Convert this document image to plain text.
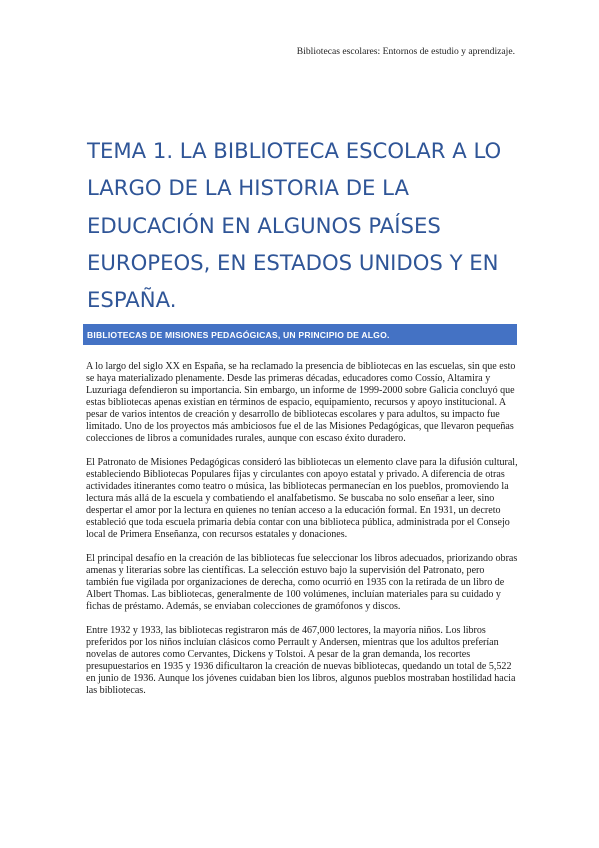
Bibliotecas escolares: Entornos de estudio y aprendizaje.
TEMA 1. LA BIBLIOTECA ESCOLAR A LO LARGO DE LA HISTORIA DE LA EDUCACIÓN EN ALGUNOS PAÍSES EUROPEOS, EN ESTADOS UNIDOS Y EN ESPAÑA.
BIBLIOTECAS DE MISIONES PEDAGÓGICAS, UN PRINCIPIO DE ALGO.

A lo largo del siglo XX en España, se ha reclamado la presencia de bibliotecas en las escuelas, sin que esto se haya materializado plenamente. Desde las primeras décadas, educadores como Cossío, Altamira y Luzuriaga defendieron su importancia. Sin embargo, un informe de 1999-2000 sobre Galicia concluyó que estas bibliotecas apenas existían en términos de espacio, equipamiento, recursos y apoyo institucional. A pesar de varios intentos de creación y desarrollo de bibliotecas escolares y para adultos, su impacto fue limitado. Uno de los proyectos más ambiciosos fue el de las Misiones Pedagógicas, que llevaron pequeñas colecciones de libros a comunidades rurales, aunque con escaso éxito duradero.

El Patronato de Misiones Pedagógicas consideró las bibliotecas un elemento clave para la difusión cultural, estableciendo Bibliotecas Populares fijas y circulantes con apoyo estatal y privado. A diferencia de otras actividades itinerantes como teatro o música, las bibliotecas permanecían en los pueblos, promoviendo la lectura más allá de la escuela y combatiendo el analfabetismo. Se buscaba no solo enseñar a leer, sino despertar el amor por la lectura en quienes no tenían acceso a la educación formal. En 1931, un decreto estableció que toda escuela primaria debía contar con una biblioteca pública, administrada por el Consejo local de Primera Enseñanza, con recursos estatales y donaciones.

El principal desafío en la creación de las bibliotecas fue seleccionar los libros adecuados, priorizando obras amenas y literarias sobre las científicas. La selección estuvo bajo la supervisión del Patronato, pero también fue vigilada por organizaciones de derecha, como ocurrió en 1935 con la retirada de un libro de Albert Thomas. Las bibliotecas, generalmente de 100 volúmenes, incluían materiales para su cuidado y fichas de préstamo. Además, se enviaban colecciones de gramófonos y discos.

Entre 1932 y 1933, las bibliotecas registraron más de 467,000 lectores, la mayoría niños. Los libros preferidos por los niños incluían clásicos como Perrault y Andersen, mientras que los adultos preferían novelas de autores como Cervantes, Dickens y Tolstoi. A pesar de la gran demanda, los recortes presupuestarios en 1935 y 1936 dificultaron la creación de nuevas bibliotecas, quedando un total de 5,522 en junio de 1936. Aunque los jóvenes cuidaban bien los libros, algunos pueblos mostraban hostilidad hacia las bibliotecas.
